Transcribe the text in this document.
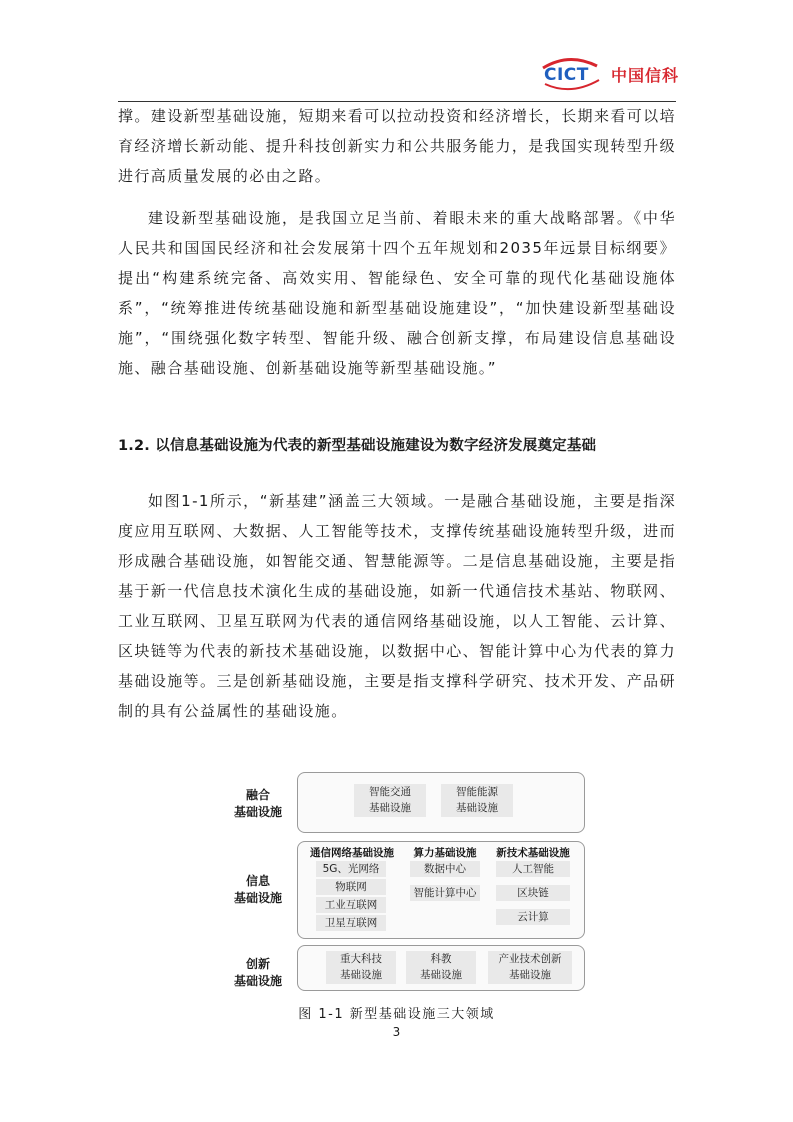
CICT 中国信科

撑。建设新型基础设施，短期来看可以拉动投资和经济增长，长期来看可以培育经济增长新动能、提升科技创新实力和公共服务能力，是我国实现转型升级进行高质量发展的必由之路。

建设新型基础设施，是我国立足当前、着眼未来的重大战略部署。《中华人民共和国国民经济和社会发展第十四个五年规划和2035年远景目标纲要》提出“构建系统完备、高效实用、智能绿色、安全可靠的现代化基础设施体系”，“统筹推进传统基础设施和新型基础设施建设”，“加快建设新型基础设施”，“围绕强化数字转型、智能升级、融合创新支撑，布局建设信息基础设施、融合基础设施、创新基础设施等新型基础设施。”

1.2. 以信息基础设施为代表的新型基础设施建设为数字经济发展奠定基础

如图1-1所示，“新基建”涵盖三大领域。一是融合基础设施，主要是指深度应用互联网、大数据、人工智能等技术，支撑传统基础设施转型升级，进而形成融合基础设施，如智能交通、智慧能源等。二是信息基础设施，主要是指基于新一代信息技术演化生成的基础设施，如新一代通信技术基站、物联网、工业互联网、卫星互联网为代表的通信网络基础设施，以人工智能、云计算、区块链等为代表的新技术基础设施，以数据中心、智能计算中心为代表的算力基础设施等。三是创新基础设施，主要是指支撑科学研究、技术开发、产品研制的具有公益属性的基础设施。

融合
基础设施
智能交通
基础设施
智能能源
基础设施
信息
基础设施
通信网络基础设施	算力基础设施	新技术基础设施
5G、光网络
物联网
工业互联网
卫星互联网
数据中心
智能计算中心
人工智能
区块链
云计算
创新
基础设施
重大科技
基础设施
科教
基础设施
产业技术创新
基础设施
图 1-1 新型基础设施三大领域
3
